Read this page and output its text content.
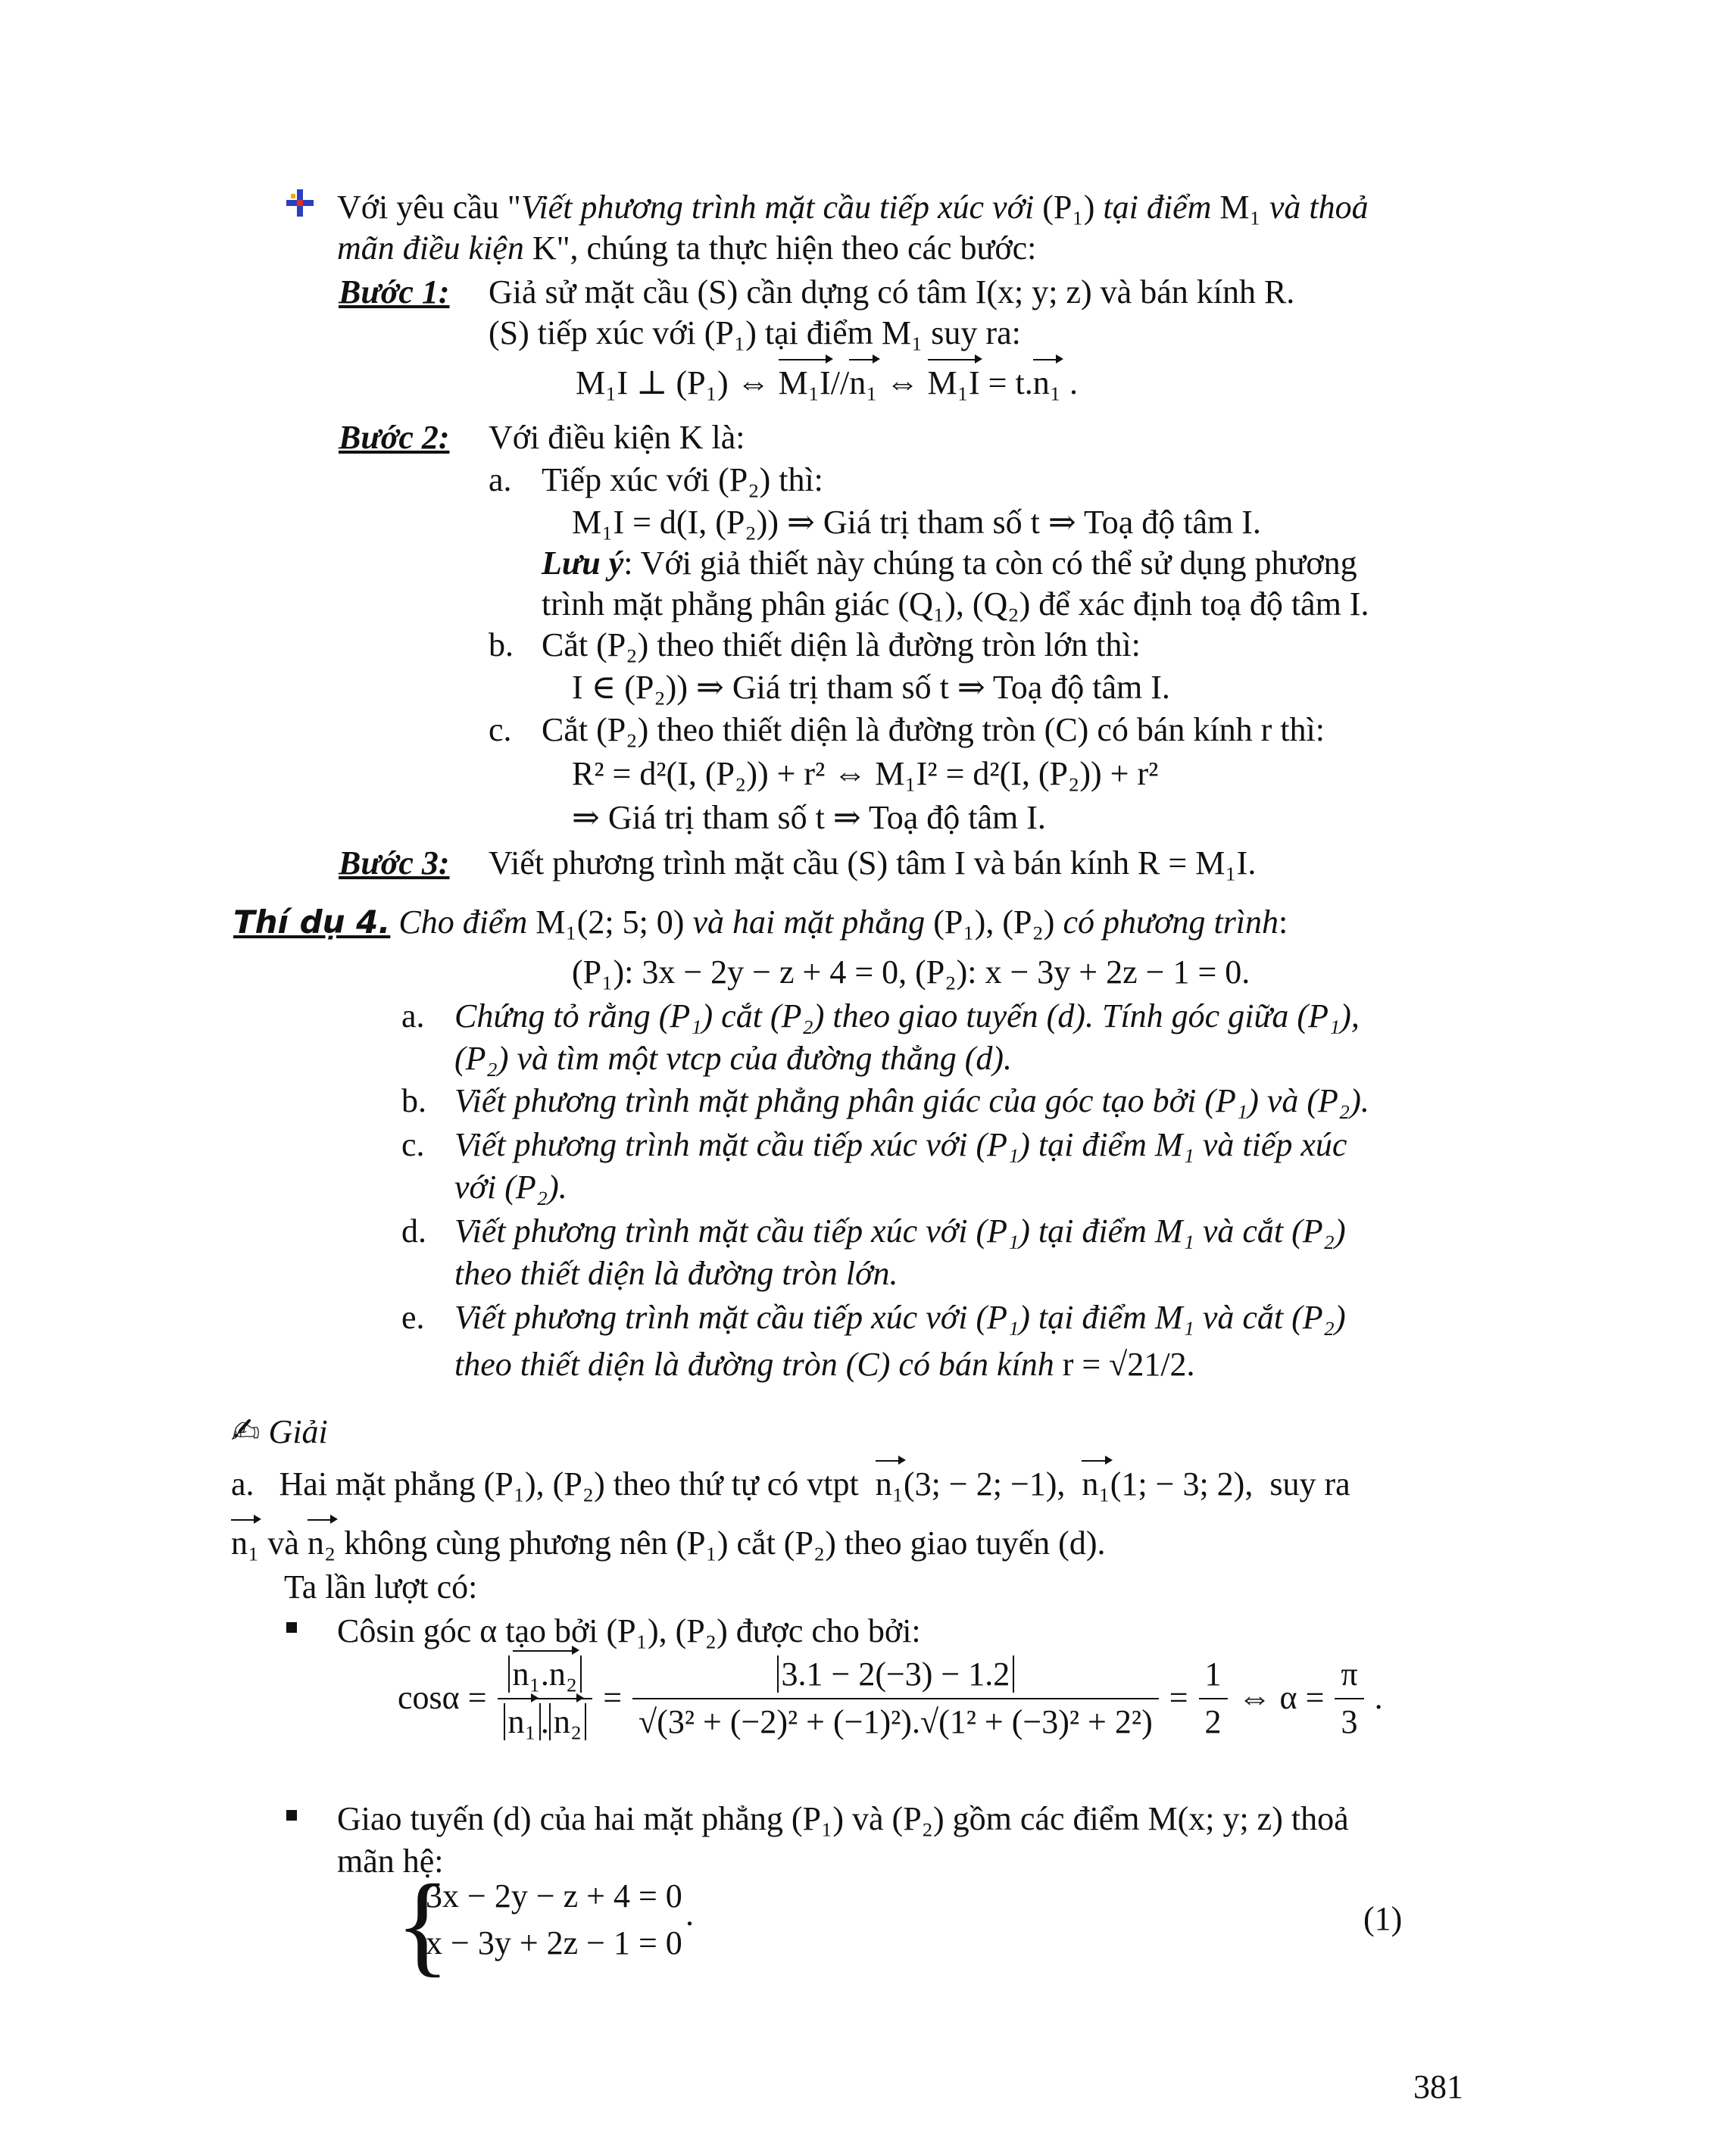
Với yêu cầu "Viết phương trình mặt cầu tiếp xúc với (P₁) tại điểm M₁ và thoả
mãn điều kiện K", chúng ta thực hiện theo các bước:
Bước 1: Giả sử mặt cầu (S) cần dựng có tâm I(x; y; z) và bán kính R.
(S) tiếp xúc với (P₁) tại điểm M₁ suy ra:
M₁I ⊥ (P₁) ⇔ M₁I//n₁ ⇔ M₁I = t.n₁ .
Bước 2: Với điều kiện K là:
a. Tiếp xúc với (P₂) thì:
M₁I = d(I, (P₂)) ⇒ Giá trị tham số t ⇒ Toạ độ tâm I.
Lưu ý: Với giả thiết này chúng ta còn có thể sử dụng phương
trình mặt phẳng phân giác (Q₁), (Q₂) để xác định toạ độ tâm I.
b. Cắt (P₂) theo thiết diện là đường tròn lớn thì:
I ∈ (P₂)) ⇒ Giá trị tham số t ⇒ Toạ độ tâm I.
c. Cắt (P₂) theo thiết diện là đường tròn (C) có bán kính r thì:
R² = d²(I, (P₂)) + r² ⇔ M₁I² = d²(I, (P₂)) + r²
⇒ Giá trị tham số t ⇒ Toạ độ tâm I.
Bước 3: Viết phương trình mặt cầu (S) tâm I và bán kính R = M₁I.
Thí dụ 4. Cho điểm M₁(2; 5; 0) và hai mặt phẳng (P₁), (P₂) có phương trình:
(P₁): 3x − 2y − z + 4 = 0, (P₂): x − 3y + 2z − 1 = 0.
a. Chứng tỏ rằng (P₁) cắt (P₂) theo giao tuyến (d). Tính góc giữa (P₁),
(P₂) và tìm một vtcp của đường thẳng (d).
b. Viết phương trình mặt phẳng phân giác của góc tạo bởi (P₁) và (P₂).
c. Viết phương trình mặt cầu tiếp xúc với (P₁) tại điểm M₁ và tiếp xúc
với (P₂).
d. Viết phương trình mặt cầu tiếp xúc với (P₁) tại điểm M₁ và cắt (P₂)
theo thiết diện là đường tròn lớn.
e. Viết phương trình mặt cầu tiếp xúc với (P₁) tại điểm M₁ và cắt (P₂)
theo thiết diện là đường tròn (C) có bán kính r = √21/2.
✍ Giải
a. Hai mặt phẳng (P₁), (P₂) theo thứ tự có vtpt n₁(3; − 2; −1), n₁(1; − 3; 2), suy ra
n₁ và n₂ không cùng phương nên (P₁) cắt (P₂) theo giao tuyến (d).
Ta lần lượt có:
Côsin góc α tạo bởi (P₁), (P₂) được cho bởi:
$\cos\alpha = \frac{\text{n₁.n₂}}{\text{n₁ . n₂}} = \frac{3.1 - 2(-3) - 1.2}{\text{√(3² + (−2)² + (−1)²).√(1² + (−3)² + 2²)}} = \frac{1}{2}$ ⇔ $\alpha = \frac{\pi}{3}$ .
Giao tuyến (d) của hai mặt phẳng (P₁) và (P₂) gồm các điểm M(x; y; z) thoả
mãn hệ:
{
3x − 2y − z + 4 = 0
x − 3y + 2z − 1 = 0
.	(1)
381
